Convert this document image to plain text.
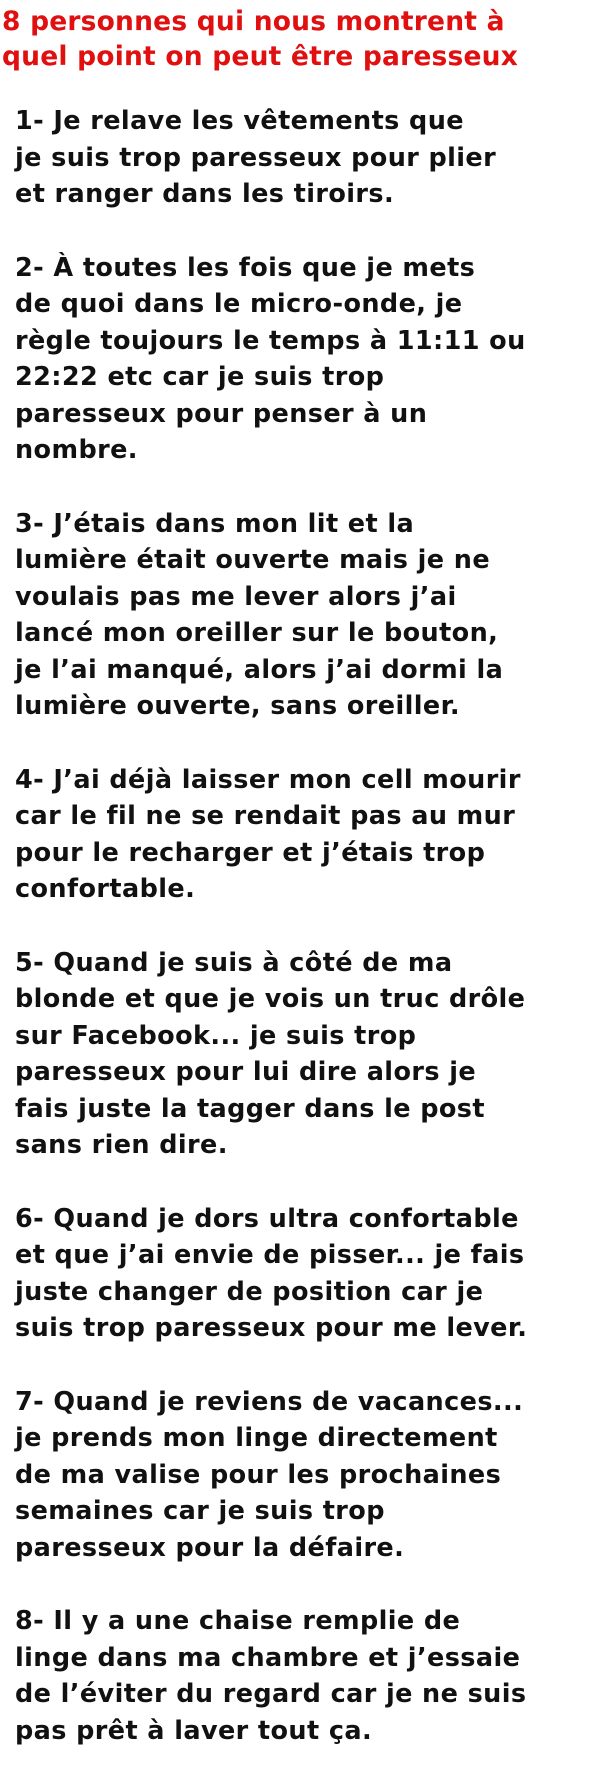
8 personnes qui nous montrent à
quel point on peut être paresseux
1- Je relave les vêtements que
je suis trop paresseux pour plier
et ranger dans les tiroirs.
2- À toutes les fois que je mets
de quoi dans le micro-onde, je
règle toujours le temps à 11:11 ou
22:22 etc car je suis trop
paresseux pour penser à un
nombre.
3- J’étais dans mon lit et la
lumière était ouverte mais je ne
voulais pas me lever alors j’ai
lancé mon oreiller sur le bouton,
je l’ai manqué, alors j’ai dormi la
lumière ouverte, sans oreiller.
4- J’ai déjà laisser mon cell mourir
car le fil ne se rendait pas au mur
pour le recharger et j’étais trop
confortable.
5- Quand je suis à côté de ma
blonde et que je vois un truc drôle
sur Facebook... je suis trop
paresseux pour lui dire alors je
fais juste la tagger dans le post
sans rien dire.
6- Quand je dors ultra confortable
et que j’ai envie de pisser... je fais
juste changer de position car je
suis trop paresseux pour me lever.
7- Quand je reviens de vacances...
je prends mon linge directement
de ma valise pour les prochaines
semaines car je suis trop
paresseux pour la défaire.
8- Il y a une chaise remplie de
linge dans ma chambre et j’essaie
de l’éviter du regard car je ne suis
pas prêt à laver tout ça.
